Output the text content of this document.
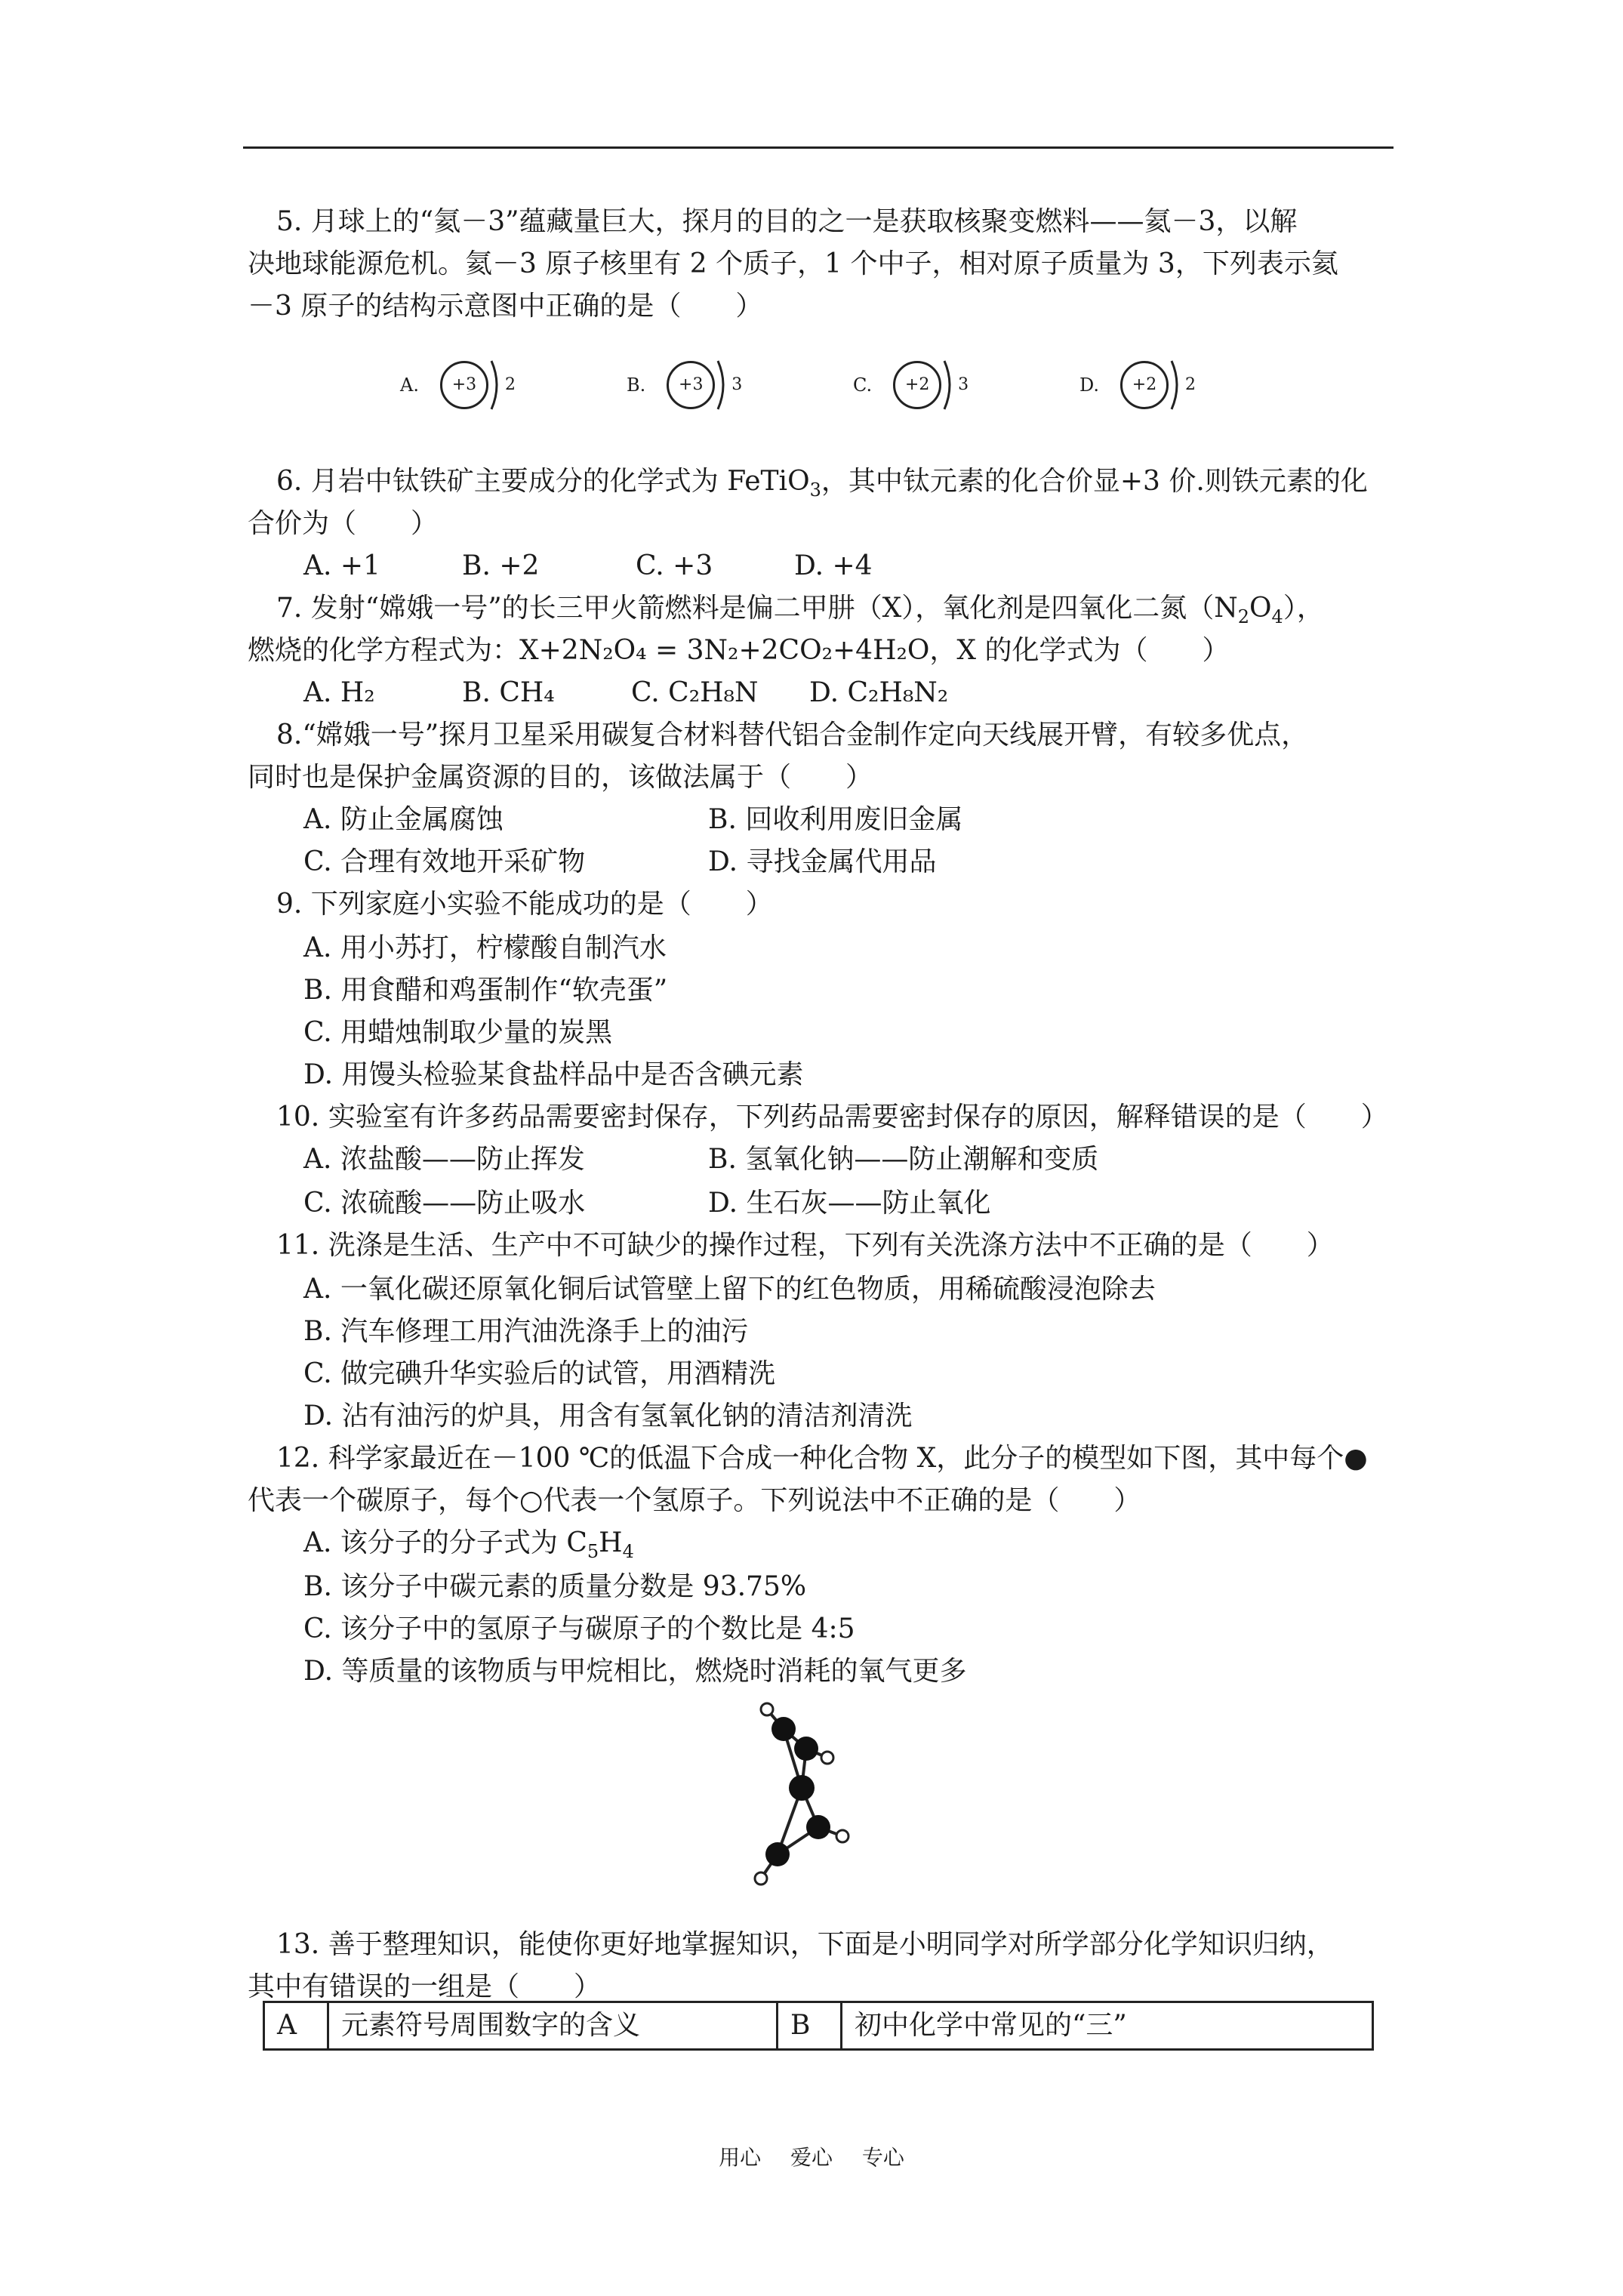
5. 月球上的“氦－3”蕴藏量巨大，探月的目的之一是获取核聚变燃料——氦－3，以解
决地球能源危机。氦－3 原子核里有 2 个质子，1 个中子，相对原子质量为 3，下列表示氦
－3 原子的结构示意图中正确的是（　　）
A.	+3	2	B.	+3	3	C.	+2	3	D.	+2	2
6. 月岩中钛铁矿主要成分的化学式为 FeTiO$_3$，其中钛元素的化合价显+3 价.则铁元素的化
合价为（　　）
A. +1	B. +2	C. +3	D. +4
7. 发射“嫦娥一号”的长三甲火箭燃料是偏二甲肼（X），氧化剂是四氧化二氮$(N_2O_4)$，
燃烧的化学方程式为：X+2N₂O₄ = 3N₂+2CO₂+4H₂O，X 的化学式为（　　）
A. H₂	B. CH₄	C. C₂H₈N D. C₂H₈N₂
8.“嫦娥一号”探月卫星采用碳复合材料替代铝合金制作定向天线展开臂，有较多优点，
同时也是保护金属资源的目的，该做法属于（　　）
A. 防止金属腐蚀	B. 回收利用废旧金属
C. 合理有效地开采矿物	D. 寻找金属代用品
9. 下列家庭小实验不能成功的是（　　）
A. 用小苏打，柠檬酸自制汽水
B. 用食醋和鸡蛋制作“软壳蛋”
C. 用蜡烛制取少量的炭黑
D. 用馒头检验某食盐样品中是否含碘元素
10. 实验室有许多药品需要密封保存，下列药品需要密封保存的原因，解释错误的是（　　）
A. 浓盐酸——防止挥发	B. 氢氧化钠——防止潮解和变质
C. 浓硫酸——防止吸水	D. 生石灰——防止氧化
11. 洗涤是生活、生产中不可缺少的操作过程，下列有关洗涤方法中不正确的是（　　）
A. 一氧化碳还原氧化铜后试管壁上留下的红色物质，用稀硫酸浸泡除去
B. 汽车修理工用汽油洗涤手上的油污
C. 做完碘升华实验后的试管，用酒精洗
D. 沾有油污的炉具，用含有氢氧化钠的清洁剂清洗
12. 科学家最近在－100 ℃的低温下合成一种化合物 X，此分子的模型如下图，其中每个●
代表一个碳原子，每个○代表一个氢原子。下列说法中不正确的是（　　）
A. 该分子的分子式为 $C_5H_4$
B. 该分子中碳元素的质量分数是 93.75%
C. 该分子中的氢原子与碳原子的个数比是 4:5
D. 等质量的该物质与甲烷相比，燃烧时消耗的氧气更多
13. 善于整理知识，能使你更好地掌握知识，下面是小明同学对所学部分化学知识归纳，
其中有错误的一组是（　　）
A	元素符号周围数字的含义	B	初中化学中常见的“三”
用心 爱心 专心
